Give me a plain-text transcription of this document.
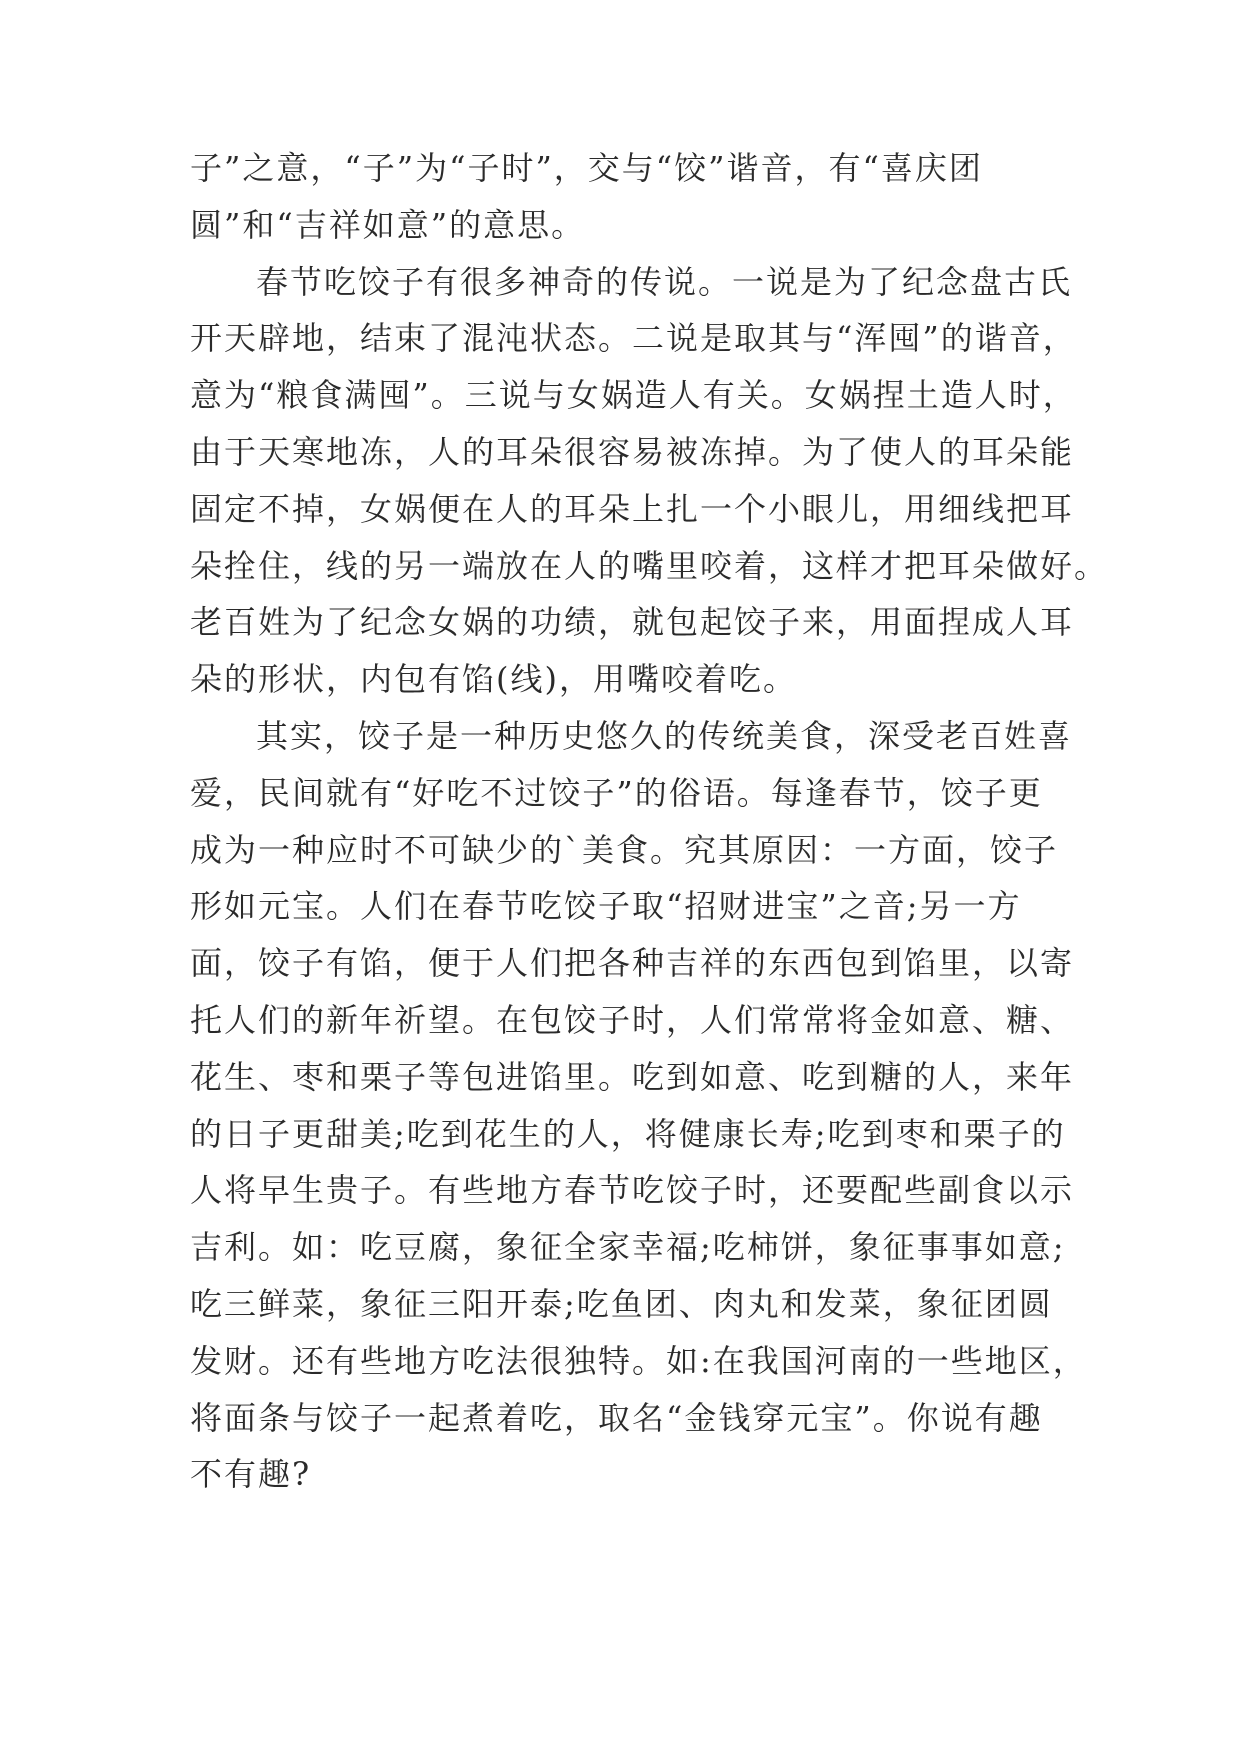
子”之意，“子”为“子时”，交与“饺”谐音，有“喜庆团
圆”和“吉祥如意”的意思。
春节吃饺子有很多神奇的传说。一说是为了纪念盘古氏
开天辟地，结束了混沌状态。二说是取其与“浑囤”的谐音，
意为“粮食满囤”。三说与女娲造人有关。女娲捏土造人时，
由于天寒地冻，人的耳朵很容易被冻掉。为了使人的耳朵能
固定不掉，女娲便在人的耳朵上扎一个小眼儿，用细线把耳
朵拴住，线的另一端放在人的嘴里咬着，这样才把耳朵做好。
老百姓为了纪念女娲的功绩，就包起饺子来，用面捏成人耳
朵的形状，内包有馅(线)，用嘴咬着吃。
其实，饺子是一种历史悠久的传统美食，深受老百姓喜
爱，民间就有“好吃不过饺子”的俗语。每逢春节，饺子更
成为一种应时不可缺少的`美食。究其原因：一方面，饺子
形如元宝。人们在春节吃饺子取“招财进宝”之音;另一方
面，饺子有馅，便于人们把各种吉祥的东西包到馅里，以寄
托人们的新年祈望。在包饺子时，人们常常将金如意、糖、
花生、枣和栗子等包进馅里。吃到如意、吃到糖的人，来年
的日子更甜美;吃到花生的人，将健康长寿;吃到枣和栗子的
人将早生贵子。有些地方春节吃饺子时，还要配些副食以示
吉利。如：吃豆腐，象征全家幸福;吃柿饼，象征事事如意;
吃三鲜菜，象征三阳开泰;吃鱼团、肉丸和发菜，象征团圆
发财。还有些地方吃法很独特。如:在我国河南的一些地区，
将面条与饺子一起煮着吃，取名“金钱穿元宝”。你说有趣
不有趣?
